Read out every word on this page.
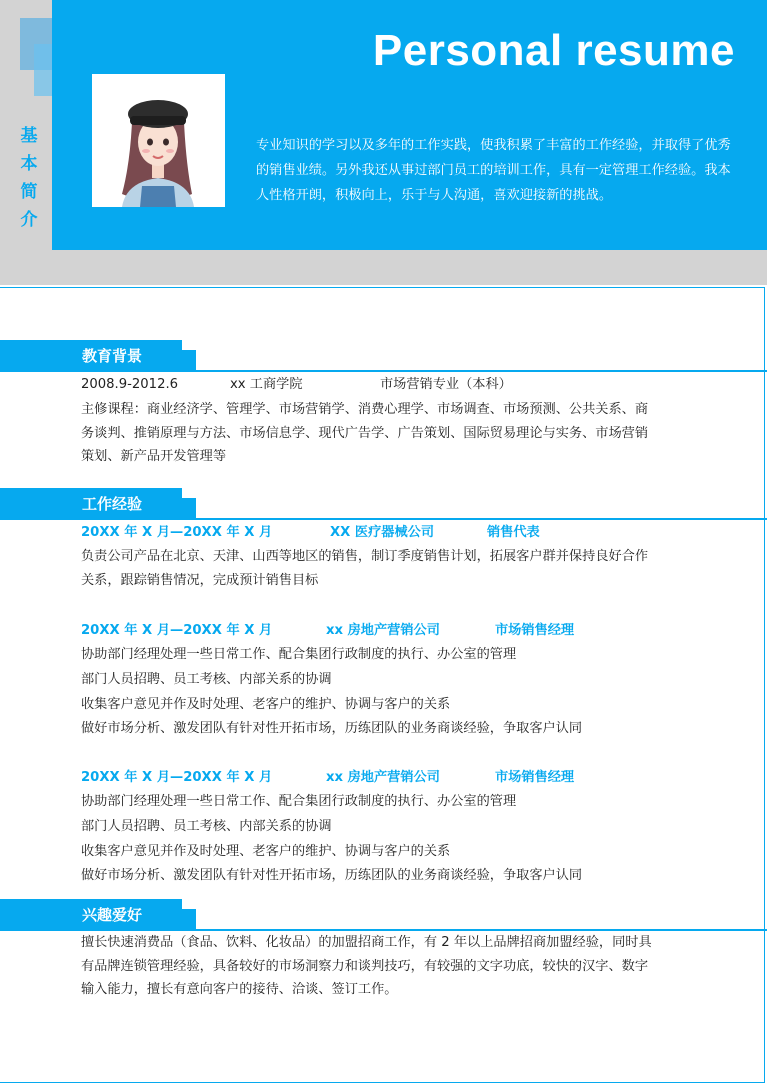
Personal resume
基本简介

专业知识的学习以及多年的工作实践，使我积累了丰富的工作经验，并取得了优秀的销售业绩。另外我还从事过部门员工的培训工作，具有一定管理工作经验。我本人性格开朗，积极向上，乐于与人沟通，喜欢迎接新的挑战。

教育背景
2008.9-2012.6	xx 工商学院	市场营销专业（本科）
主修课程：商业经济学、管理学、市场营销学、消费心理学、市场调查、市场预测、公共关系、商务谈判、推销原理与方法、市场信息学、现代广告学、广告策划、国际贸易理论与实务、市场营销策划、新产品开发管理等
工作经验
20XX 年 X 月—20XX 年 X 月	XX 医疗器械公司	销售代表
负责公司产品在北京、天津、山西等地区的销售，制订季度销售计划，拓展客户群并保持良好合作关系，跟踪销售情况，完成预计销售目标
20XX 年 X 月—20XX 年 X 月	xx 房地产营销公司	市场销售经理
协助部门经理处理一些日常工作、配合集团行政制度的执行、办公室的管理
部门人员招聘、员工考核、内部关系的协调
收集客户意见并作及时处理、老客户的维护、协调与客户的关系
做好市场分析、激发团队有针对性开拓市场，历练团队的业务商谈经验，争取客户认同
20XX 年 X 月—20XX 年 X 月	xx 房地产营销公司	市场销售经理
协助部门经理处理一些日常工作、配合集团行政制度的执行、办公室的管理
部门人员招聘、员工考核、内部关系的协调
收集客户意见并作及时处理、老客户的维护、协调与客户的关系
做好市场分析、激发团队有针对性开拓市场，历练团队的业务商谈经验，争取客户认同
兴趣爱好
擅长快速消费品（食品、饮料、化妆品）的加盟招商工作，有 2 年以上品牌招商加盟经验，同时具有品牌连锁管理经验，具备较好的市场洞察力和谈判技巧，有较强的文字功底，较快的汉字、数字输入能力，擅长有意向客户的接待、洽谈、签订工作。
